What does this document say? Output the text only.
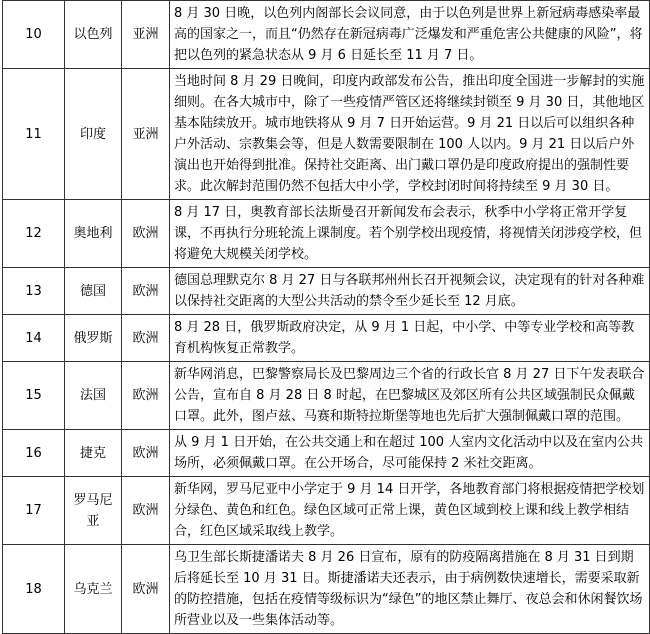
10	以色列	亚洲	8 月 30 日晚，以色列内阁部长会议同意，由于以色列是世界上新冠病毒感染率最高的国家之一，而且“仍然存在新冠病毒广泛爆发和严重危害公共健康的风险”，将把以色列的紧急状态从 9 月 6 日延长至 11 月 7 日。
11	印度	亚洲	当地时间 8 月 29 日晚间，印度内政部发布公告，推出印度全国进一步解封的实施细则。在各大城市中，除了一些疫情严管区还将继续封锁至 9 月 30 日，其他地区基本陆续放开。城市地铁将从 9 月 7 日开始运营。9 月 21 日以后可以组织各种户外活动、宗教集会等，但是人数需要限制在 100 人以内。9 月 21 日以后户外演出也开始得到批准。保持社交距离、出门戴口罩仍是印度政府提出的强制性要求。此次解封范围仍然不包括大中小学，学校封闭时间将持续至 9 月 30 日。
12	奥地利	欧洲	8 月 17 日，奥教育部长法斯曼召开新闻发布会表示，秋季中小学将正常开学复课，不再执行分班轮流上课制度。若个别学校出现疫情，将视情关闭涉疫学校，但将避免大规模关闭学校。
13	德国	欧洲	德国总理默克尔 8 月 27 日与各联邦州州长召开视频会议，决定现有的针对各种难以保持社交距离的大型公共活动的禁令至少延长至 12 月底。
14	俄罗斯	欧洲	8 月 28 日，俄罗斯政府决定，从 9 月 1 日起，中小学、中等专业学校和高等教育机构恢复正常教学。
15	法国	欧洲	新华网消息，巴黎警察局长及巴黎周边三个省的行政长官 8 月 27 日下午发表联合公告，宣布自 8 月 28 日 8 时起，在巴黎城区及郊区所有公共区域强制民众佩戴口罩。此外，图卢兹、马赛和斯特拉斯堡等地也先后扩大强制佩戴口罩的范围。
16	捷克	欧洲	从 9 月 1 日开始，在公共交通上和在超过 100 人室内文化活动中以及在室内公共场所，必须佩戴口罩。在公开场合，尽可能保持 2 米社交距离。
17	罗马尼亚	欧洲	新华网，罗马尼亚中小学定于 9 月 14 日开学，各地教育部门将根据疫情把学校划分绿色、黄色和红色。绿色区域可正常上课，黄色区域到校上课和线上教学相结合，红色区域采取线上教学。
18	乌克兰	欧洲	乌卫生部长斯捷潘诺夫 8 月 26 日宣布，原有的防疫隔离措施在 8 月 31 日到期后将延长至 10 月 31 日。斯捷潘诺夫还表示，由于病例数快速增长，需要采取新的防控措施，包括在疫情等级标识为“绿色”的地区禁止舞厅、夜总会和休闲餐饮场所营业以及一些集体活动等。
